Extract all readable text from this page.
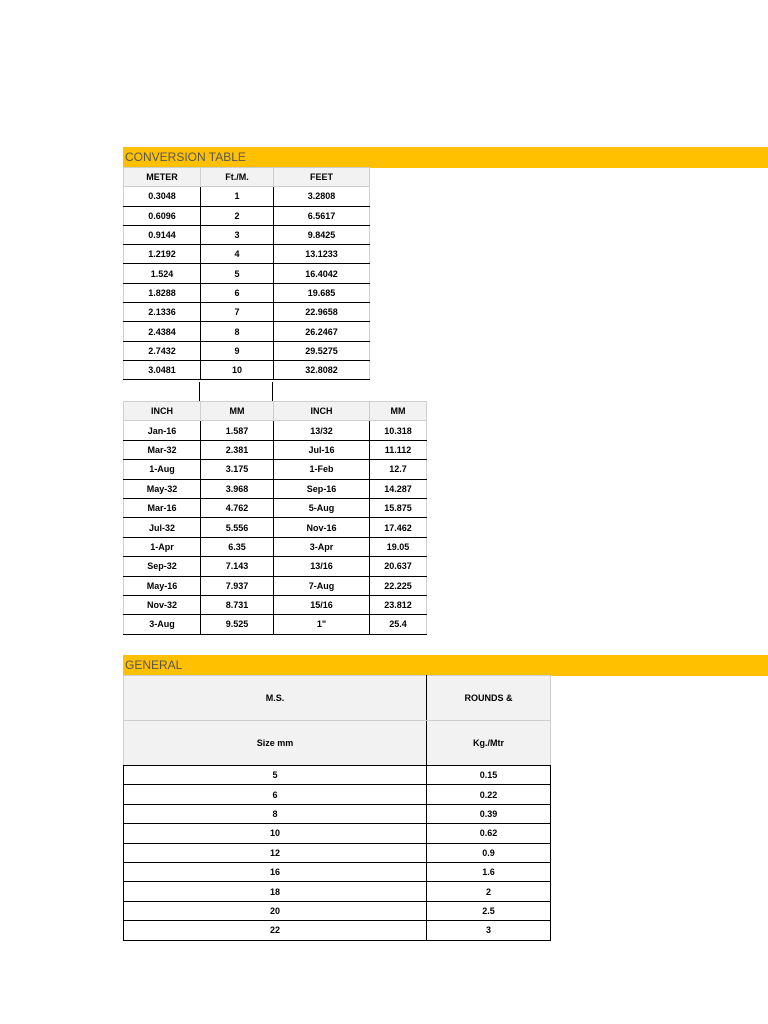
CONVERSION TABLE
METER	Ft./M.	FEET
0.3048	1	3.2808
0.6096	2	6.5617
0.9144	3	9.8425
1.2192	4	13.1233
1.524	5	16.4042
1.8288	6	19.685
2.1336	7	22.9658
2.4384	8	26.2467
2.7432	9	29.5275
3.0481	10	32.8082
INCH	MM	INCH	MM
Jan-16	1.587	13/32	10.318
Mar-32	2.381	Jul-16	11.112
1-Aug	3.175	1-Feb	12.7
May-32	3.968	Sep-16	14.287
Mar-16	4.762	5-Aug	15.875
Jul-32	5.556	Nov-16	17.462
1-Apr	6.35	3-Apr	19.05
Sep-32	7.143	13/16	20.637
May-16	7.937	7-Aug	22.225
Nov-32	8.731	15/16	23.812
3-Aug	9.525	1"	25.4
GENERAL
M.S.	ROUNDS &
Size mm	Kg./Mtr
5	0.15
6	0.22
8	0.39
10	0.62
12	0.9
16	1.6
18	2
20	2.5
22	3
